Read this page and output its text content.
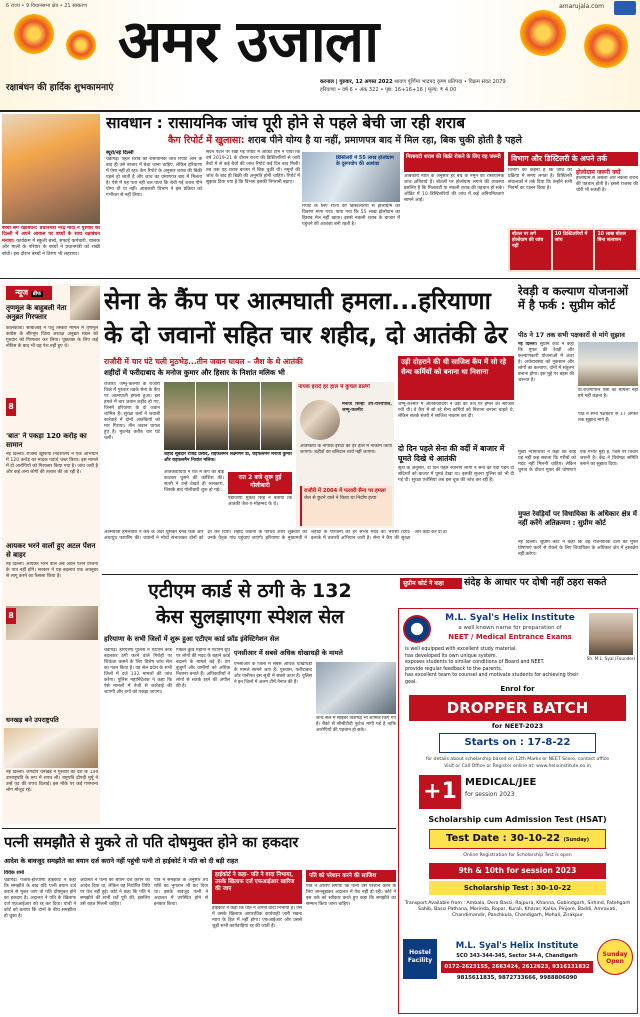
6 राज्य • 9 विधानसभा क्षेत्र • 21 संस्करण	amarujala.com
अमर उजाला
रक्षाबंधन की हार्दिक शुभकामनाएं
करनाल | गुरुवार, 12 अगस्त 2022 श्रावण पूर्णिमा भाद्रपद कृष्ण प्रतिपदा • विक्रम संवत 2079
हरियाणा • वर्ष 6 • अंक 322 • पृष्ठ: 16+16+16 | मूल्य: ₹ 4.00
बच्चों संग रक्षाबंधन: प्रधानमंत्री नरेंद्र मोदी ने गुरुवार को दिल्ली में अपने आवास पर बच्चों के साथ रक्षाबंधन मनाया। कार्यक्रम में स्कूली बच्चे, सफाई कर्मचारी, चालक और माली के परिवार के बच्चों ने प्रधानमंत्री को राखी बांधी। इस दौरान बच्चों ने तिरंगा भी लहराया।
सावधान : रासायनिक जांच पूरी होने से पहले बेची जा रही शराब
कैग रिपोर्ट में खुलासा: शराब पीने योग्य है या नहीं, प्रमाणपत्र बाद में मिल रहा, बिक चुकी होती है पहले
ब्यूरो/नई दिल्ली
चंडीगढ़। पहले शराब की रासायनिक जांच रिपोर्ट आने के बाद ही उसे बाजार में बेचा जाना चाहिए, लेकिन हरियाणा में ऐसा नहीं हो रहा। कैग रिपोर्ट के अनुसार शराब की बिक्री पहले हो जाती है और जांच का प्रमाणपत्र बाद में मिलता है। ऐसे में यह पता नहीं चल पाता कि बेची गई शराब पीने योग्य थी या नहीं। आबकारी विभाग ने इस प्रक्रिया को गंभीरता से नहीं लिया।
सदन पटल पर रखी गई रिपोर्ट में ऑडिट टीम ने पाया कि वर्ष 2019-21 के दौरान राज्य की डिस्टिलरियों से जारी बैचों में से कई बैचों की जांच रिपोर्ट कई दिन बाद मिली। तब तक यह शराब बाजार में बिक चुकी थी। नमूनों की जांच के बाद ही बिक्री की अनुमति होनी चाहिए। रिपोर्ट में सुझाव दिया गया है कि विभाग इसकी निगरानी बढ़ाए।
डिस्टिलरी में 55 लाख होलोग्राम के दुरुपयोग की आशंका
रिपोर्ट के लिए राज्य की डिस्टिलरियों से होलोग्राम का विवरण मांगा गया। पाया गया कि 55 लाख होलोग्राम का हिसाब मेल नहीं खाता। इससे नकली शराब के बाजार में पहुंचने की आशंका बनी रहती है।
मिलावटी शराब की बिक्री रोकने के लिए यह जरूरी
आबकारी नीति के अनुसार हर बैच के नमूने की रासायनिक जांच अनिवार्य है। बोतलों पर होलोग्राम लगाने की व्यवस्था इसलिए है कि मिलावटी या नकली शराब की पहचान हो सके। ऑडिट में 10 डिस्टिलरियों की जांच में कई अनियमितताएं सामने आईं।
विभाग और डिस्टिलरी के अपने तर्क
विभाग का कहना है कि जांच की प्रक्रिया में समय लगता है। डिस्टिलरी संचालकों ने तर्क दिया कि उन्होंने सभी नियमों का पालन किया है।
होलोग्राम जरूरी क्यों
होलोग्राम से असली और नकली शराब की पहचान होती है। इससे राजस्व की चोरी भी रुकती है।
बोतल पर लगे होलोग्राम की जांच नहीं
10 डिस्टिलरियों में जांच
10 लाख बोतल बिना सत्यापन
न्यूज ब्रीफ
तृणमूल के बाहुबली नेता अनुब्रत गिरफ्तार
कोलकाता। सीबीआई ने पशु तस्करी मामले में तृणमूल कांग्रेस के बीरभूम जिला अध्यक्ष अनुब्रत मंडल को गुरुवार को गिरफ्तार कर लिया। पूछताछ के लिए कई नोटिस के बाद भी वह पेश नहीं हुए थे।
8
'बात' ने पकड़ा 120 करोड़ का सामान
नई दिल्ली। राजस्व खुफिया निदेशालय ने एक अभियान में 120 करोड़ का मादक पदार्थ जब्त किया। इस मामले में दो आरोपियों को गिरफ्तार किया गया है। जांच जारी है और कई अन्य लोगों की तलाश की जा रही है।
आयकर भरने वालों हुए अटल पेंशन से बाहर
नई दिल्ली। आयकर भरने वाले अब अटल पेंशन योजना के पात्र नहीं होंगे। सरकार ने यह बदलाव एक अक्तूबर से लागू करने का फैसला किया है।
8
धनखड़ बने उपराष्ट्रपति
नई दिल्ली। जगदीप धनखड़ ने गुरुवार को देश के 14वें उपराष्ट्रपति के रूप में शपथ ली। राष्ट्रपति द्रौपदी मुर्मू ने उन्हें पद की शपथ दिलाई। इस मौके पर कई गणमान्य लोग मौजूद रहे।
सेना के कैंप पर आत्मघाती हमला...हरियाणा
के दो जवानों सहित चार शहीद, दो आतंकी ढेर
राजौरी में चार घंटे चली मुठभेड़...तीन जवान घायल – जैश के थे आतंकी
शहीदों में फरीदाबाद के मनोज कुमार और हिसार के निशांत मलिक भी
राजौरी। जम्मू-कश्मीर के राजौरी जिले में गुरुवार तड़के सेना के कैंप पर आत्मघाती हमला हुआ। इस हमले में चार जवान शहीद हो गए, जिनमें हरियाणा के दो जवान शामिल हैं। सुरक्षा बलों ने जवाबी कार्रवाई में दोनों आतंकियों को मार गिराया। तीन जवान घायल हुए हैं। मुठभेड़ करीब चार घंटे चली।
शहीद सूबेदार राजेंद्र प्रसाद, राइफलमैन लक्ष्मणन डी, राइफलमैन मनोज कुमार और राइफलमैन निशांत मलिक।
आतंकवादियों ने रात में कैंप की बाड़ काटकर घुसने की कोशिश की। संतरी ने उन्हें देखते ही ललकारा, जिसके बाद गोलीबारी शुरू हो गई।
रात 2 बजे शुरू हुई गोलीबारी
एडीजीपी मुकेश सिंह ने बताया कि आतंकी जैश-ए-मोहम्मद के थे।
नायक इरादे हर हाल में कुचल डालेंगे
मनोज सिन्हा उप-राज्यपाल, जम्मू-कश्मीर
आतंकियों के नापाक इरादों को हर हाल में नाकाम किया जाएगा। शहीदों का बलिदान व्यर्थ नहीं जाएगा।
राजौरी में 2004 में फरवरी सैन्य पर हमला
जेल से छूटने वाले ने किया था निर्दोष हत्या
उड़ी दोहराने की थी साजिश कैंप में सो रहे सैन्य कर्मियों को बनाना था निशाना
जम्मू-कश्मीर में आतंकवादियों ने उड़ी की तर्ज पर हमले की साजिश रची थी। वे कैंप में सो रहे सैन्य कर्मियों को निशाना बनाना चाहते थे, लेकिन सतर्क संतरी ने साजिश नाकाम कर दी।
दो दिन पहले सेना की वर्दी में बाजार में घूमते दिखे थे आतंकी
सूत्रों के अनुसार, दो दिन पहले स्थानीय लोगों ने सेना की वर्दी पहने दो संदिग्धों को बाजार में घूमते देखा था। इसकी सूचना पुलिस को भी दी गई थी। सुरक्षा एजेंसियां अब इस चूक की जांच कर रही हैं।
आत्मघाती हमलावरों ने कैंप के अंदर घुसकर ग्रेनेड फेंके और अंधाधुंध फायरिंग की। जवानों ने मोर्चा संभालकर दोनों को ढेर कर दिया। शहीद जवानों के पार्थिव शरीर शुक्रवार को उनके पैतृक गांव पहुंचाए जाएंगे। हरियाणा के मुख्यमंत्री ने शहीदों के परिजनों को हर संभव मदद का भरोसा दिया। इलाके में तलाशी अभियान जारी है। सेना ने कैंप की सुरक्षा और कड़ी कर दी है।
रेवड़ी व कल्याण योजनाओं में है फर्क : सुप्रीम कोर्ट
पीठ ने 17 तक सभी पक्षकारों से मांगे सुझाव
नई दिल्ली। सुप्रीम कोर्ट ने कहा कि मुफ्त की रेवड़ी और कल्याणकारी योजनाओं में अंतर है। अर्थव्यवस्था को नुकसान और लोगों का कल्याण, दोनों में संतुलन बनाना होगा। इस मुद्दे पर बहस की जरूरत है।
वी.राजगोपाल ऐसा का मामला नहीं हमें नहीं कहना है।
पीठ ने सभी पक्षकारों से 17 अगस्त तक सुझाव मांगे हैं।
मुख्य न्यायाधीश ने कहा कि कोई यह नहीं कह सकता कि गरीबों को मदद नहीं मिलनी चाहिए। लेकिन चुनाव के दौरान मुफ्त की घोषणाएं एक गंभीर मुद्दा है, जिस पर विचार जरूरी है। केंद्र ने विशेषज्ञ समिति बनाने का सुझाव दिया।
मुफ्त रेवड़ियों पर विधायिका के अधिकार क्षेत्र में नहीं करेंगे अतिक्रमण : सुप्रीम कोर्ट
नई दिल्ली। सुप्रीम कोर्ट ने कहा कि वह राजनीतिक दलों को मुफ्त घोषणाएं करने से रोकने के लिए विधायिका के अधिकार क्षेत्र में हस्तक्षेप नहीं करेगा।
एटीएम कार्ड से ठगी के 132
केस सुलझाएगा स्पेशल सेल
हरियाणा के सभी जिलों में शुरू हुआ एटीएम कार्ड फ्रॉड इंवेस्टिगेशन सेल
चंडीगढ़। हरियाणा पुलिस ने एटीएम कार्ड बदलकर ठगी करने वाले गिरोहों पर शिकंजा कसने के लिए विशेष जांच सेल का गठन किया है। यह सेल प्रदेश के सभी जिलों में दर्ज 132 मामलों की जांच करेगा। पुलिस महानिदेशक ने कहा कि ऐसे मामलों में तेजी से कार्रवाई की जाएगी और ठगों को पकड़ा जाएगा।
पिछले कुछ महीनों में एटीएम बूथ पर लोगों की मदद के बहाने कार्ड बदलने के मामले बढ़े हैं। ठग बुजुर्गों और ग्रामीणों को अधिक निशाना बनाते हैं। अधिकारियों ने लोगों से सतर्क रहने की अपील की है।
एनसीआर में सबसे अधिक धोखाधड़ी के मामले
एनसीआर के जिलों में सबसे अधिक धोखाधड़ी के मामले सामने आए हैं। गुरुग्राम, फरीदाबाद और पानीपत इस सूची में सबसे ऊपर हैं। पुलिस ने इन जिलों में अलग टीमें तैनात की हैं।
जांच सेल में साइबर विशेषज्ञ भी शामिल किए गए हैं। बैंकों से सीसीटीवी फुटेज मांगी गई है ताकि आरोपियों की पहचान हो सके।
सुप्रीम कोर्ट ने कहा	संदेह के आधार पर दोषी नहीं ठहरा सकते
M.L. Syal's Helix Institute
a well known name for preparation of
NEET / Medical Entrance Exams
Sh. M.L. Syal (Founder)
is well equipped with excellent study material.
has developed its own unique system.
exposes students to similar conditions of Board and NEET.
provide regular feedback to the parents.
has excellent team to counsel and motivate students for achieving their goal.
Enrol for
DROPPER BATCH
for NEET-2023
Starts on : 17-8-22
for details about scholarship based on 12th Marks or NEET Score, contact office
Visit or Call Office or Register online at: www.helixinstitute.co.in
+1 MEDICAL/JEE
for session 2023
Scholarship cum Admission Test (HSAT)
Test Date : 30-10-22 (Sunday)
Online Registration for Scholarship Test is open
9th & 10th for session 2023
Scholarship Test : 30-10-22
Transport Available from : Ambala, Dera Bassi, Rajpura, Khanna, Gobindgarh, Sirhind, Fatehgarh Sahib, Bassi Pathana, Morinda, Ropar, Kurali, Kharar, Kalka, Pinjore, Baddi, Amravati, Chandimandir, Panchkula, Chandigarh, Mohali, Zirakpur
Hostel Facility
M.L. Syal's Helix Institute
SCO 343-344-345, Sector 34-A, Chandigarh
0172-2623155, 2663424, 2612623, 9316131832
9815611835, 9872733666, 9988806090
Sunday Open
पत्नी समझौते से मुकरे तो पति दोषमुक्त होने का हकदार
आदेश के बावजूद समझौते का बयान दर्ज कराने नहीं पहुंची पत्नी तो हाईकोर्ट ने पति को दी बड़ी राहत
विवेक शर्मा
चंडीगढ़। पंजाब-हरियाणा हाईकोर्ट ने कहा कि समझौते के बाद यदि पत्नी बयान दर्ज कराने से मुकर जाए तो पति दोषमुक्त होने का हकदार है। अदालत ने पति के खिलाफ दर्ज एफआईआर को रद्द कर दिया। याची ने कोर्ट को बताया कि दोनों के बीच समझौता हो चुका है।
अदालत ने पत्नी को बयान दर्ज कराने का आदेश दिया था, लेकिन वह निर्धारित तिथि पर पेश नहीं हुई। कोर्ट ने कहा कि पति ने समझौते की सभी शर्तें पूरी कीं, इसलिए उसे राहत मिलनी चाहिए।
पति ने समझौते के अनुसार तय राशि का भुगतान भी कर दिया था। इसके बावजूद पत्नी ने अदालत में उपस्थित होने से इनकार किया।
हाईकोर्ट ने कहा- पति ने वादा निभाया, उसके खिलाफ दर्ज एफआईआर खारिज की जाए
हाईकोर्ट ने कहा कि पति ने अपना वादा निभाया है। ऐसे में उसके खिलाफ आपराधिक कार्यवाही जारी रखना न्याय के हित में नहीं होगा। एफआईआर और उससे जुड़ी सभी कार्यवाहियां रद्द की जाती हैं।
पति को परेशान करने की साजिश
पति ने आरोप लगाया कि पत्नी उसे परेशान करने के लिए जानबूझकर अदालत में पेश नहीं हो रही। कोर्ट ने इस तर्क को स्वीकार करते हुए कहा कि समझौते का सम्मान किया जाना चाहिए।
